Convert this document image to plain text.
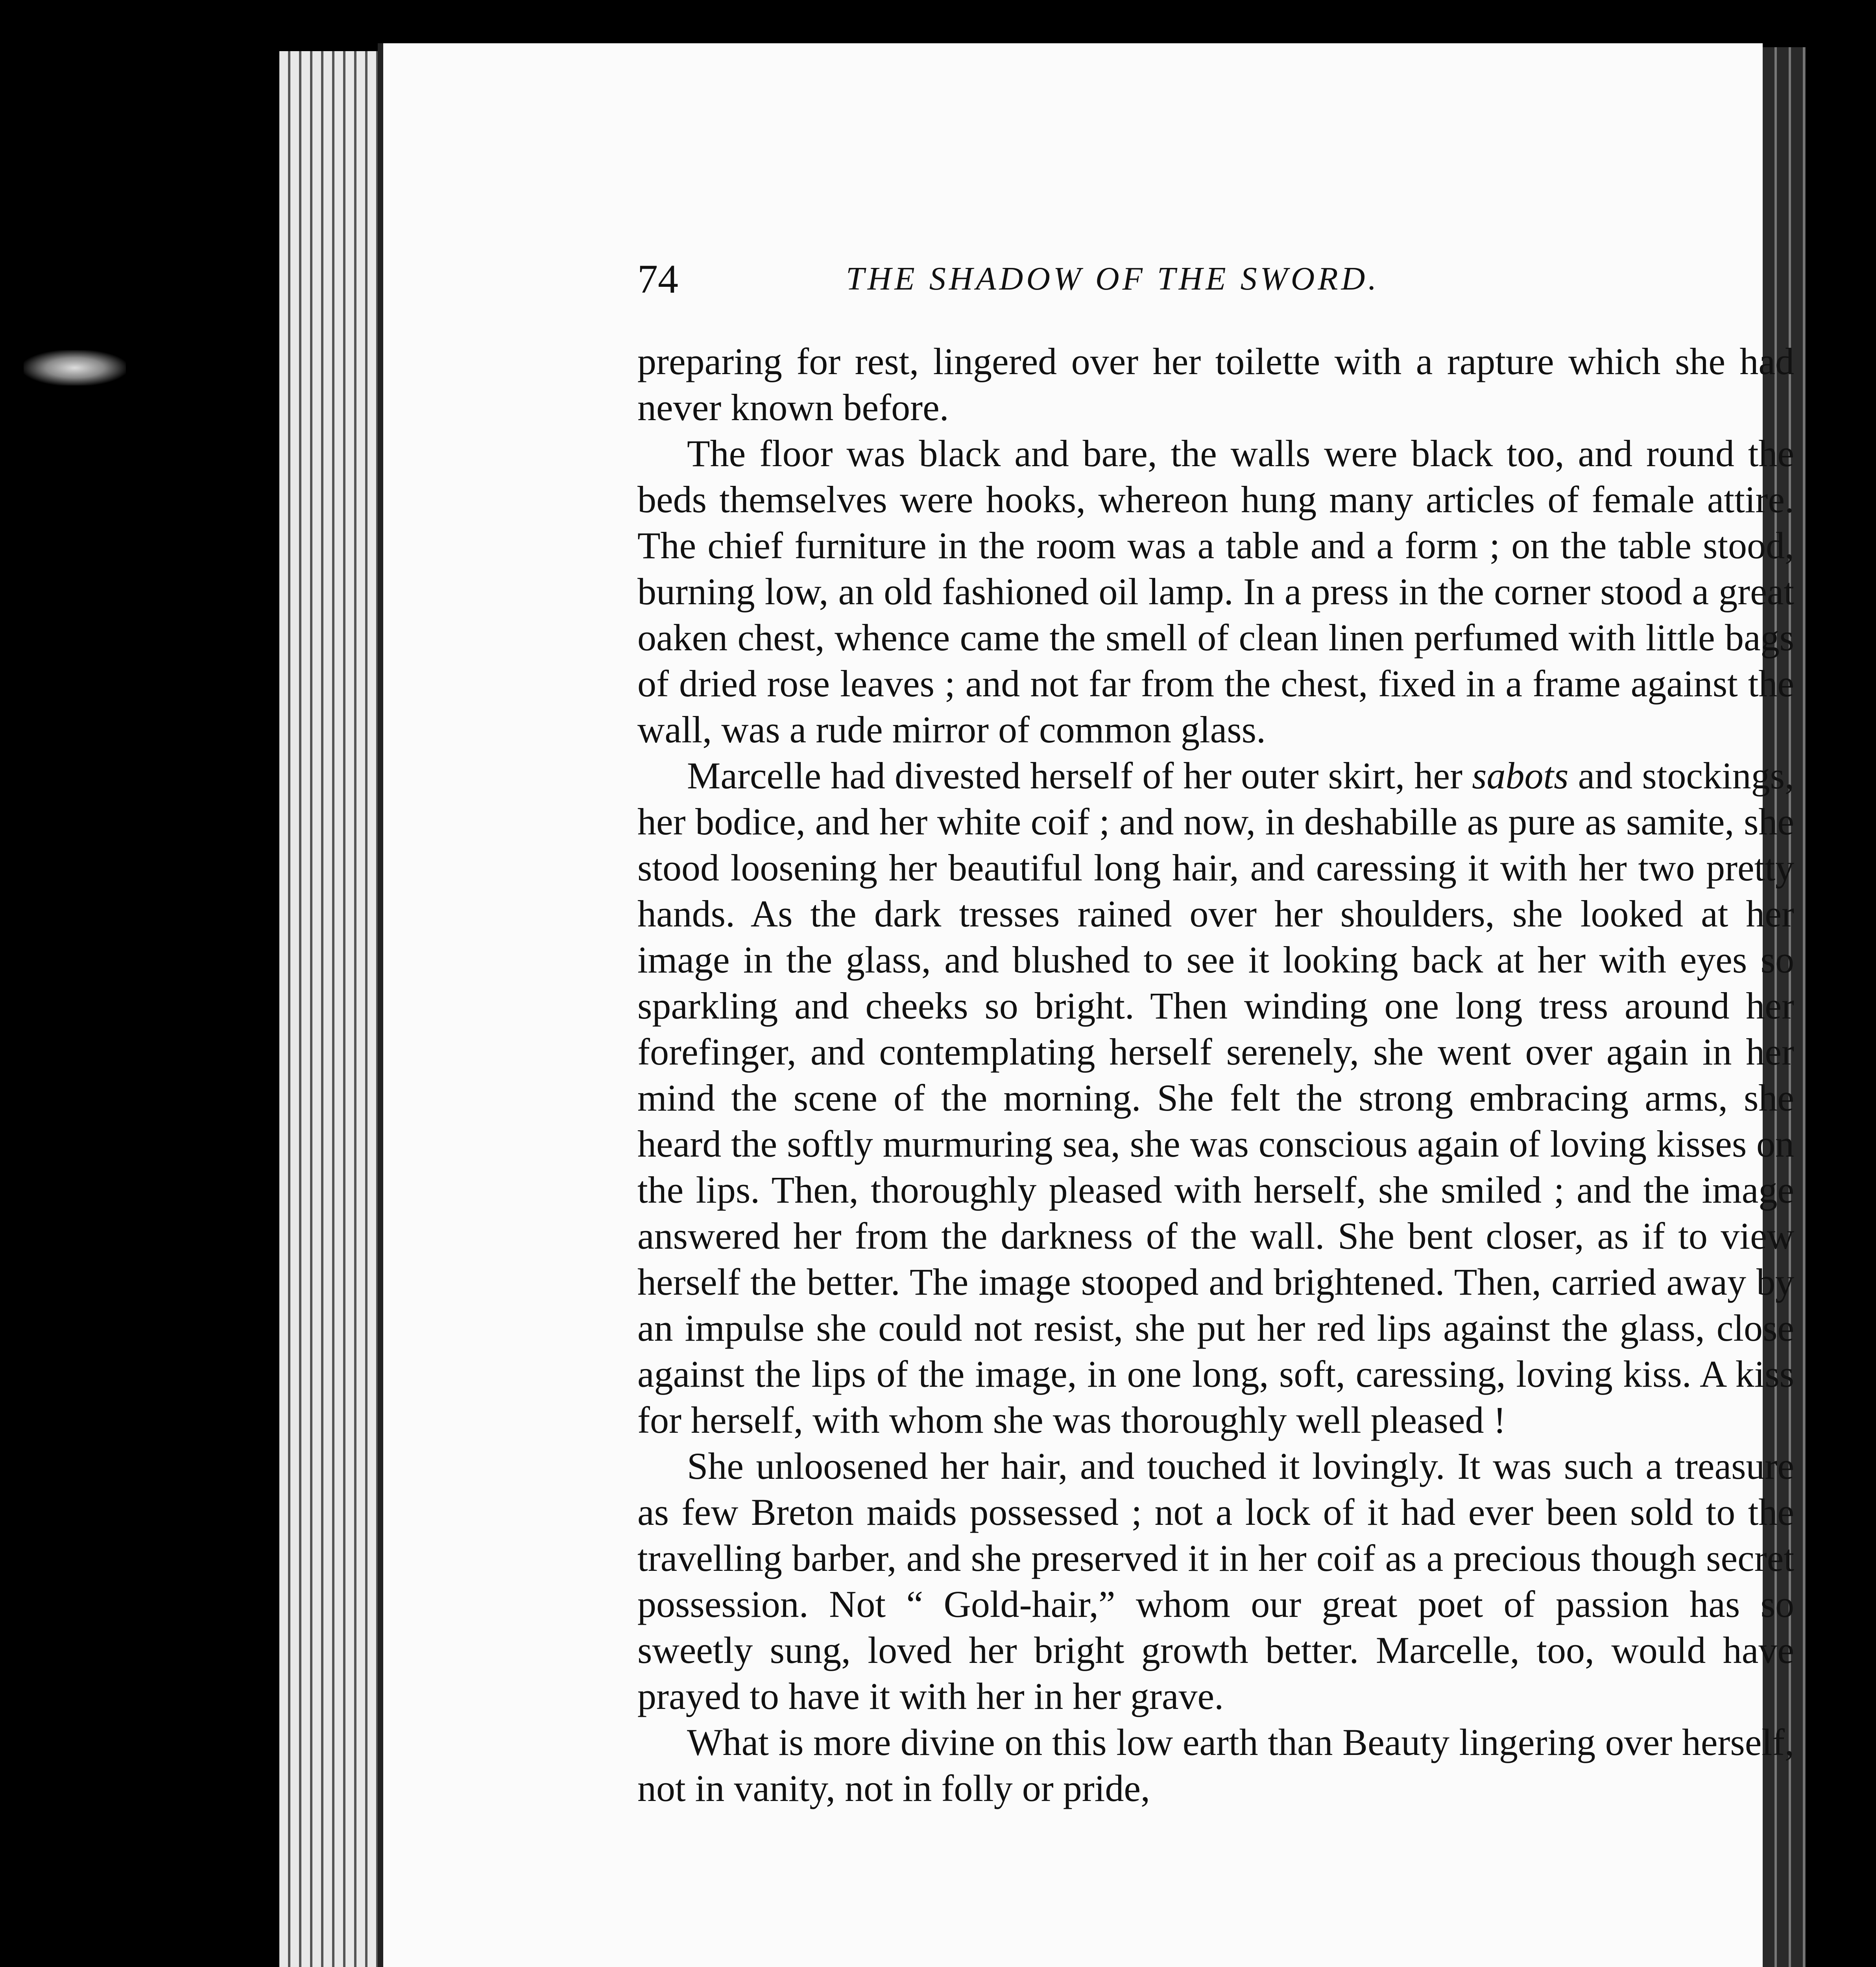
74	THE SHADOW OF THE SWORD.

preparing for rest, lingered over her toilette with a rapture which she had never known before.

The floor was black and bare, the walls were black too, and round the beds themselves were hooks, whereon hung many articles of female attire. The chief furniture in the room was a table and a form ; on the table stood, burning low, an old fashioned oil lamp. In a press in the corner stood a great oaken chest, whence came the smell of clean linen perfumed with little bags of dried rose leaves ; and not far from the chest, fixed in a frame against the wall, was a rude mirror of common glass.

Marcelle had divested herself of her outer skirt, her sabots and stockings, her bodice, and her white coif ; and now, in deshabille as pure as samite, she stood loosening her beautiful long hair, and caressing it with her two pretty hands. As the dark tresses rained over her shoulders, she looked at her image in the glass, and blushed to see it looking back at her with eyes so sparkling and cheeks so bright. Then winding one long tress around her forefinger, and contemplating herself serenely, she went over again in her mind the scene of the morning. She felt the strong embracing arms, she heard the softly murmuring sea, she was conscious again of loving kisses on the lips. Then, thoroughly pleased with herself, she smiled ; and the image answered her from the darkness of the wall. She bent closer, as if to view herself the better. The image stooped and brightened. Then, carried away by an impulse she could not resist, she put her red lips against the glass, close against the lips of the image, in one long, soft, caressing, loving kiss. A kiss for herself, with whom she was thoroughly well pleased !

She unloosened her hair, and touched it lovingly. It was such a treasure as few Breton maids possessed ; not a lock of it had ever been sold to the travelling barber, and she preserved it in her coif as a precious though secret possession. Not “ Gold-hair,” whom our great poet of passion has so sweetly sung, loved her bright growth better. Marcelle, too, would have prayed to have it with her in her grave.

What is more divine on this low earth than Beauty lingering over herself, not in vanity, not in folly or pride,
